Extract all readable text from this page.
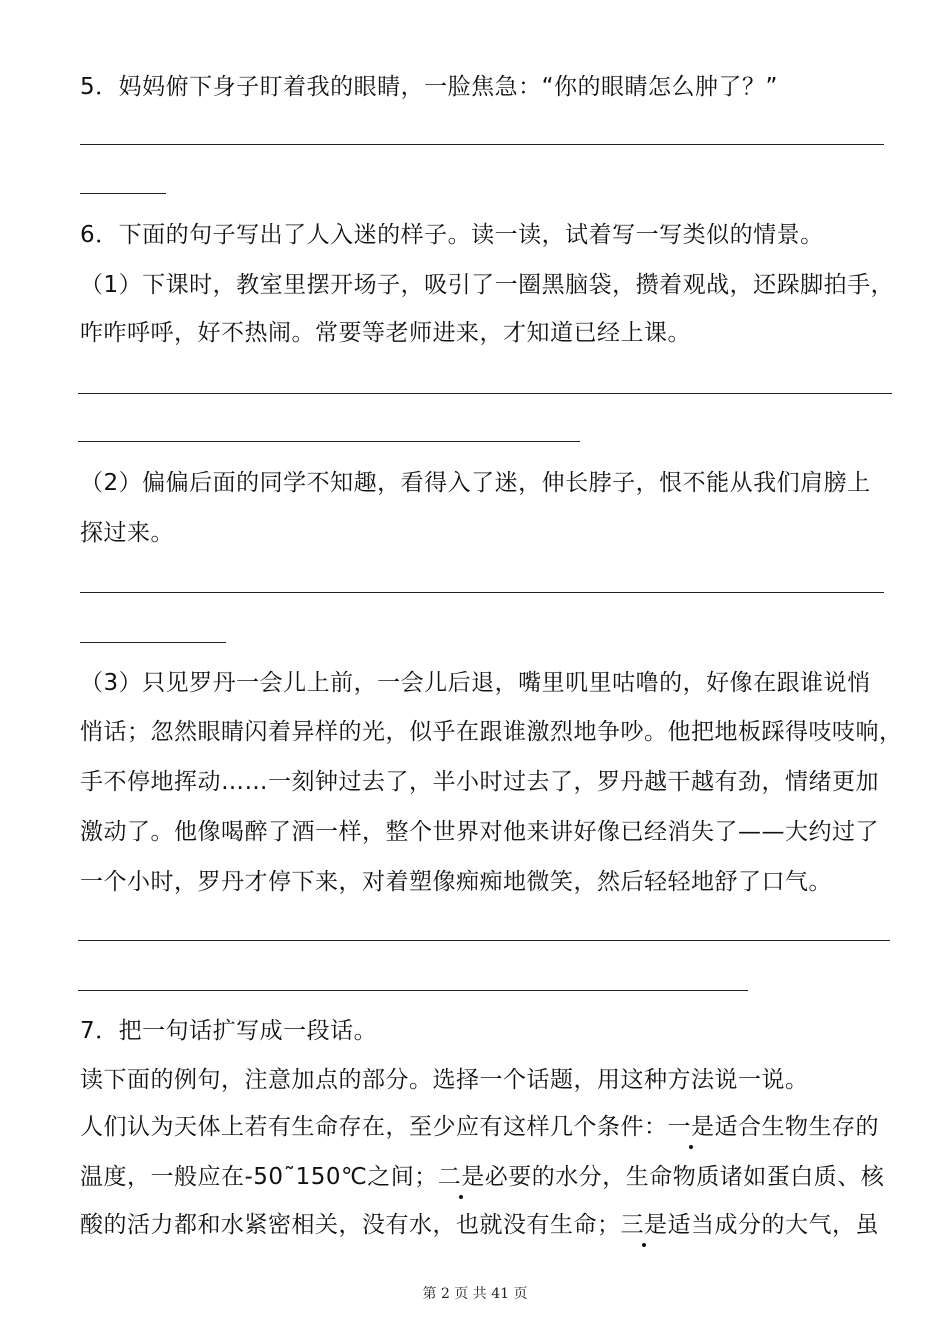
5．妈妈俯下身子盯着我的眼睛，一脸焦急：“你的眼睛怎么肿了？”
6．下面的句子写出了人入迷的样子。读一读，试着写一写类似的情景。
（1）下课时，教室里摆开场子，吸引了一圈黑脑袋，攒着观战，还跺脚拍手，
咋咋呼呼，好不热闹。常要等老师进来，才知道已经上课。
（2）偏偏后面的同学不知趣，看得入了迷，伸长脖子，恨不能从我们肩膀上
探过来。
（3）只见罗丹一会儿上前，一会儿后退，嘴里叽里咕噜的，好像在跟谁说悄
悄话；忽然眼睛闪着异样的光，似乎在跟谁激烈地争吵。他把地板踩得吱吱响，
手不停地挥动……一刻钟过去了，半小时过去了，罗丹越干越有劲，情绪更加
激动了。他像喝醉了酒一样，整个世界对他来讲好像已经消失了——大约过了
一个小时，罗丹才停下来，对着塑像痴痴地微笑，然后轻轻地舒了口气。
7．把一句话扩写成一段话。
读下面的例句，注意加点的部分。选择一个话题，用这种方法说一说。
人们认为天体上若有生命存在，至少应有这样几个条件：一是适合生物生存的
温度，一般应在-50˜150℃之间；二是必要的水分，生命物质诸如蛋白质、核
酸的活力都和水紧密相关，没有水，也就没有生命；三是适当成分的大气，虽
第 2 页 共 41 页
